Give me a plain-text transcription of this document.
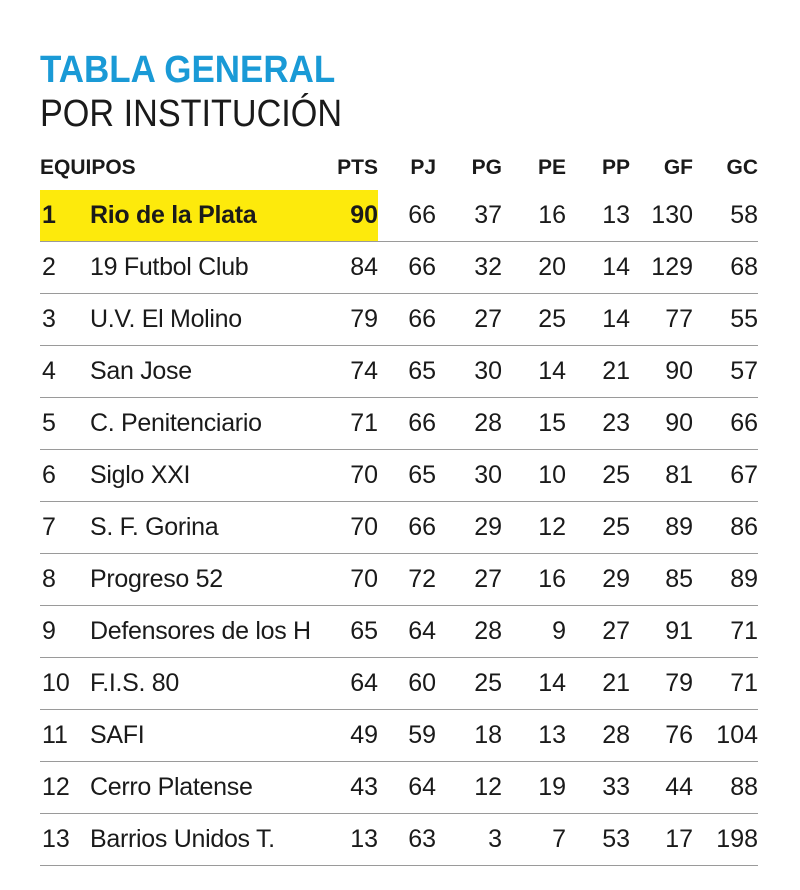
TABLA GENERAL
POR INSTITUCIÓN
EQUIPOS		PTS	PJ	PG	PE	PP	GF	GC
1	Rio de la Plata	90	66	37	16	13	130	58
2	19 Futbol Club	84	66	32	20	14	129	68
3	U.V. El Molino	79	66	27	25	14	77	55
4	San Jose	74	65	30	14	21	90	57
5	C. Penitenciario	71	66	28	15	23	90	66
6	Siglo XXI	70	65	30	10	25	81	67
7	S. F. Gorina	70	66	29	12	25	89	86
8	Progreso 52	70	72	27	16	29	85	89
9	Defensores de los H	65	64	28	9	27	91	71
10	F.I.S. 80	64	60	25	14	21	79	71
11	SAFI	49	59	18	13	28	76	104
12	Cerro Platense	43	64	12	19	33	44	88
13	Barrios Unidos T.	13	63	3	7	53	17	198
